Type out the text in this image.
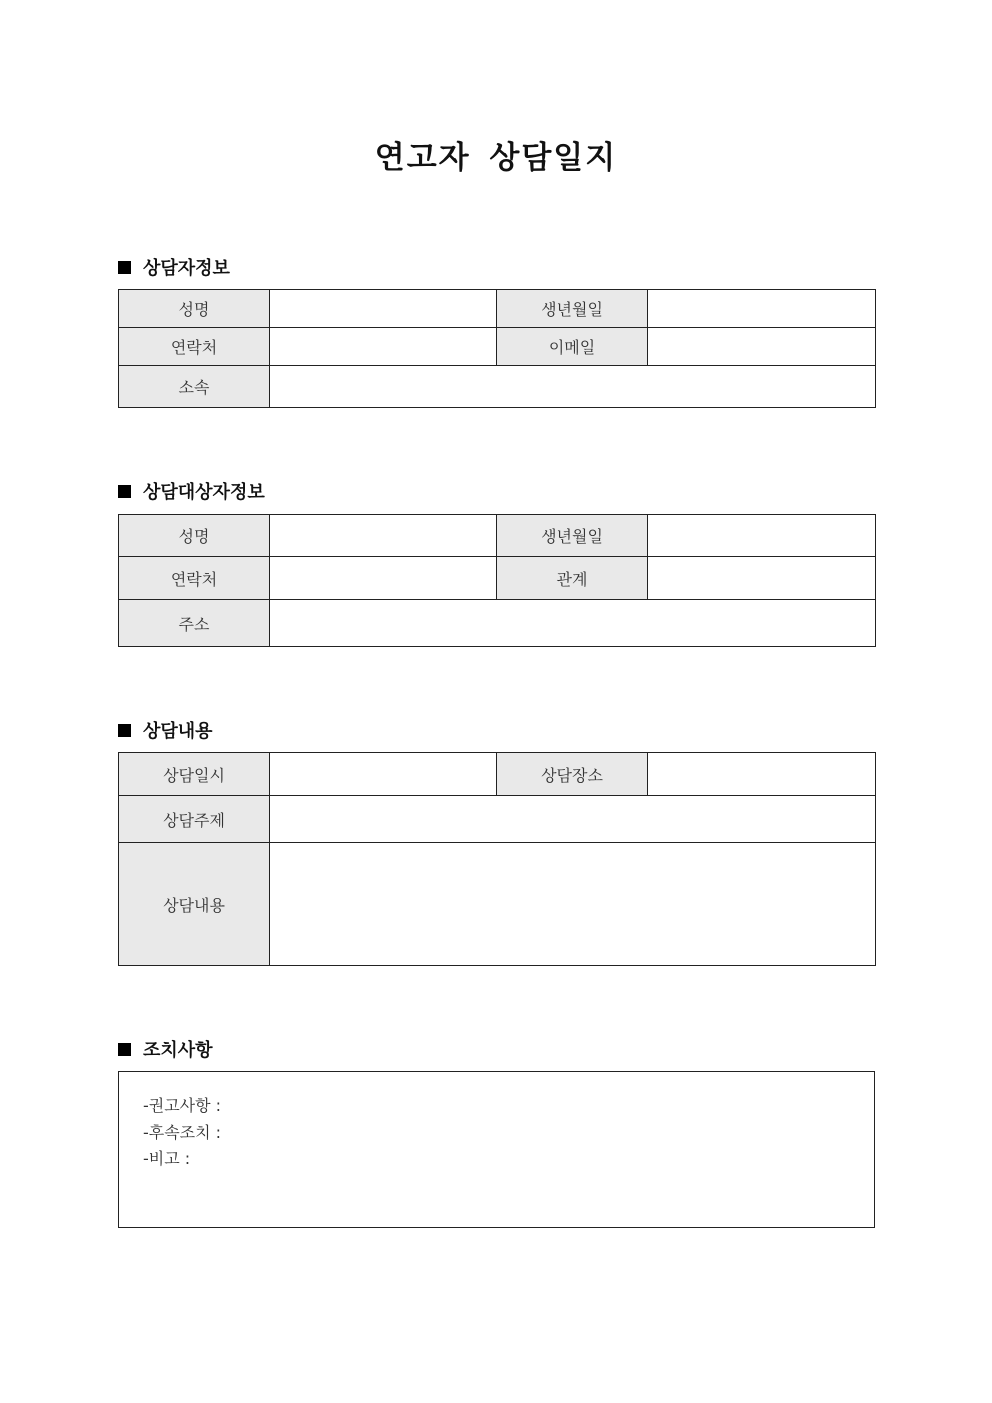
연고자 상담일지
상담자정보
성명		생년월일	
연락처		이메일	
소속			
상담대상자정보
성명		생년월일	
연락처		관계	
주소			
상담내용
상담일시		상담장소	
상담주제			
상담내용			
조치사항
-권고사항 :
-후속조치 :
-비고 :
